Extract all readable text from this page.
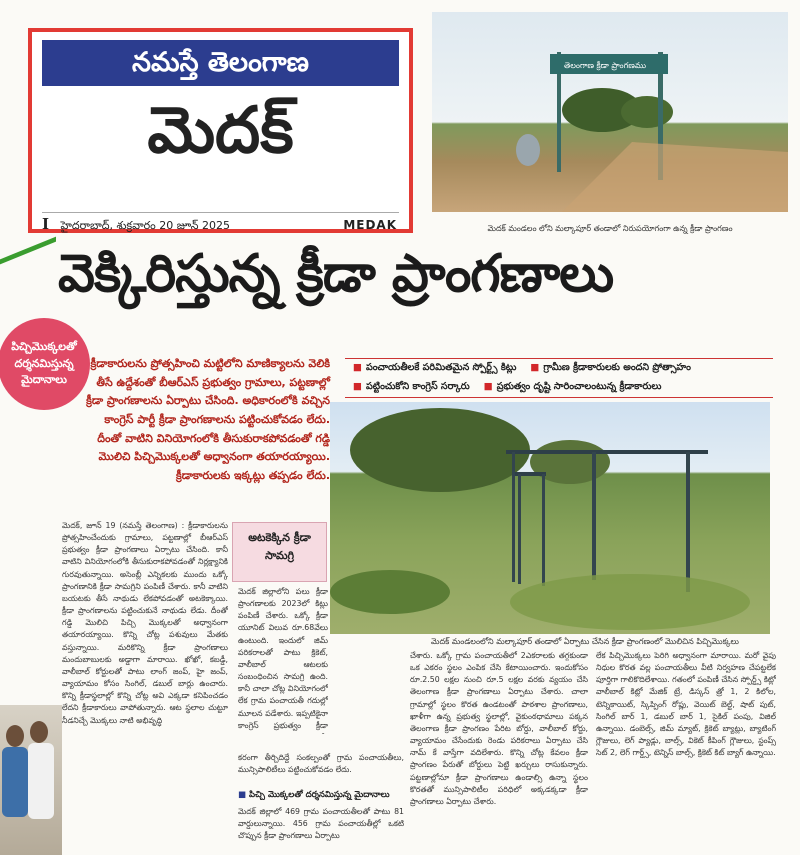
నమస్తే తెలంగాణ
మెదక్
I హైదరాబాద్, శుక్రవారం 20 జూన్ 2025	MEDAK
తెలంగాణ క్రీడా ప్రాంగణము
మెదక్ మండలం లోని మల్కాపూర్ తండాలో నిరుపయోగంగా ఉన్న క్రీడా ప్రాంగణం
వెక్కిరిస్తున్న క్రీడా ప్రాంగణాలు
పిచ్చిమొక్కలతో దర్శనమిస్తున్న మైదానాలు
క్రీడాకారులను ప్రోత్సహించి మట్టిలోని మాణిక్యాలను వెలికి తీసే ఉద్దేశంతో బీఆర్ఎస్ ప్రభుత్వం గ్రామాలు, పట్టణాల్లో క్రీడా ప్రాంగణాలను ఏర్పాటు చేసింది. అధికారంలోకి వచ్చిన కాంగ్రెస్ పార్టీ క్రీడా ప్రాంగణాలను పట్టించుకోవడం లేదు. దీంతో వాటిని వినియోగంలోకి తీసుకురాకపోవడంతో గడ్డి మొలిచి పిచ్చిమొక్కలతో అధ్వానంగా తయారయ్యాయి. క్రీడాకారులకు ఇక్కట్లు తప్పడం లేదు.
■ పంచాయతీలకే పరిమితమైన స్పోర్ట్స్ కిట్లు	■ గ్రామీణ క్రీడాకారులకు అందని ప్రోత్సాహం
■ పట్టించుకోని కాంగ్రెస్ సర్కారు	■ ప్రభుత్వం దృష్టి సారించాలంటున్న క్రీడాకారులు
మెదక్ మండలంలోని మల్కాపూర్ తండాలో ఏర్పాటు చేసిన క్రీడా ప్రాంగణంలో మొలిచిన పిచ్చిమొక్కలు
అటకెక్కిన క్రీడా సామగ్రి
మెదక్, జూన్ 19 (నమస్తే తెలంగాణ) : క్రీడాకారులను ప్రోత్సహించేందుకు గ్రామాలు, పట్టణాల్లో బీఆర్ఎస్ ప్రభుత్వం క్రీడా ప్రాంగణాలు ఏర్పాటు చేసింది. కానీ వాటిని వినియోగంలోకి తీసుకురాకపోవడంతో నిర్లక్ష్యానికి గురవుతున్నాయి. అసెంబ్లీ ఎన్నికలకు ముందు ఒక్కో ప్రాంగణానికి క్రీడా సామగ్రిని పంపిణీ చేశారు. కానీ వాటిని బయటకు తీసే నాథుడు లేకపోవడంతో అటకెక్కాయి. క్రీడా ప్రాంగణాలను పట్టించుకునే నాథుడు లేడు. దీంతో గడ్డి మొలిచి పిచ్చి మొక్కలతో అధ్వానంగా తయారయ్యాయి. కొన్ని చోట్ల పశువులు మేతకు వస్తున్నాయి. మరికొన్ని క్రీడా ప్రాంగణాలు మందుబాబులకు అడ్డాగా మారాయి. ఖోఖో, కబడ్డీ, వాలీబాల్ కోర్టులతో పాటు లాంగ్ జంప్, హై జంప్, వ్యాయామం కోసం సింగిల్, డబుల్ బార్లు ఉంచారు. కొన్ని క్రీడాస్థలాల్లో కొన్ని చోట్ల అవి ఎక్కడా కనిపించడం లేదని క్రీడాకారులు వాపోతున్నారు. ఆట స్థలాల చుట్టూ నీడనిచ్చే మొక్కలు నాటి అభివృద్ధి
మెదక్ జిల్లాలోని పలు క్రీడా ప్రాంగణాలకు 2023లో కిట్లు పంపిణీ చేశారు. ఒక్కో క్రీడా యూనిట్ విలువ రూ.68వేలు ఉంటుంది. ఇందులో జిమ్ పరికరాలతో పాటు క్రికెట్, వాలీబాల్ ఆటలకు సంబంధించిన సామగ్రి ఉంది. కానీ చాలా చోట్ల వినియోగంలో లేక గ్రామ పంచాయతీ గదుల్లో మూలన పడేశారు. ఇప్పటికైనా కాంగ్రెస్ ప్రభుత్వం క్రీడా
కరంగా తీర్చిదిద్దే సంకల్పంతో గ్రామ పంచాయతీలు, మున్సిపాలిటీలు పట్టించుకోవడం లేదు.
■ పిచ్చి మొక్కలతో దర్శనమిస్తున్న మైదానాలు
మెదక్ జిల్లాలో 469 గ్రామ పంచాయతీలతో పాటు 81 వార్డులున్నాయి. 456 గ్రామ పంచాయతీల్లో ఒకటి చొప్పున క్రీడా ప్రాంగణాలు ఏర్పాటు
చేశారు. ఒక్కో గ్రామ పంచాయతీలో 2ఎకరాలకు తగ్గకుండా ఒక ఎకరం స్థలం ఎంపిక చేసి కేటాయించారు. ఇందుకోసం రూ.2.50 లక్షల నుంచి రూ.5 లక్షల వరకు వ్యయం చేసి తెలంగాణ క్రీడా ప్రాంగణాలు ఏర్పాటు చేశారు. చాలా గ్రామాల్లో స్థలం కొరత ఉండటంతో పాఠశాల ప్రాంగణాలు, ఖాళీగా ఉన్న ప్రభుత్వ స్థలాల్లో, వైకుంఠధామాలు పక్కన తెలంగాణ క్రీడా ప్రాంగణం పేరిట బోర్డు, వాలీబాల్ కోర్టు, వ్యాయామం చేసేందుకు రెండు పరికరాలు ఏర్పాటు చేసి నామ్ కే వాస్తేగా వదిలేశారు. కొన్ని చోట్ల కేవలం క్రీడా ప్రాంగణం పేరుతో బోర్డులు పెట్టి ఖర్చులు రాసుకున్నారు. పట్టణాల్లోనూ క్రీడా ప్రాంగణాలు ఉండాల్సి ఉన్నా స్థలం కొరతతో మున్సిపాలిటీల పరిధిలో అక్కడక్కడా క్రీడా ప్రాంగణాలు ఏర్పాటు చేశారు.
లేక పిచ్చిమొక్కలు పెరిగి అధ్వానంగా మారాయి. మరో వైపు నిధుల కొరత వల్ల పంచాయతీలు వీటి నిర్వహణ చేపట్టలేక పూర్తిగా గాలికొదిలేశాయి. గతంలో పంపిణీ చేసిన స్పోర్ట్స్ కిట్లో వాలీబాల్ కిట్లో మేజిక్ ట్రే, డిస్కస్ త్రో 1, 2 కిలోల, టెన్నికాయిట్, స్కిప్పింగ్ రోప్లు, వెయిట్ బెల్ట్, షాట్ పుట్, సింగిల్ బార్ 1, డబుల్ బార్ 1, సైకిల్ పంపు, విజిల్ ఉన్నాయి. డంబెల్స్, జిమ్ మ్యాట్, క్రికెట్ బ్యాట్లు, బ్యాటింగ్ గ్లౌజులు, లెగ్ ప్యాడ్లు, బాల్స్, వికెట్ కీపింగ్ గ్లౌజులు, స్టంప్స్ సెట్ 2, లెగ్ గార్డ్స్, టెన్నిస్ బాల్స్, క్రికెట్ కిట్ బ్యాగ్ ఉన్నాయి.
